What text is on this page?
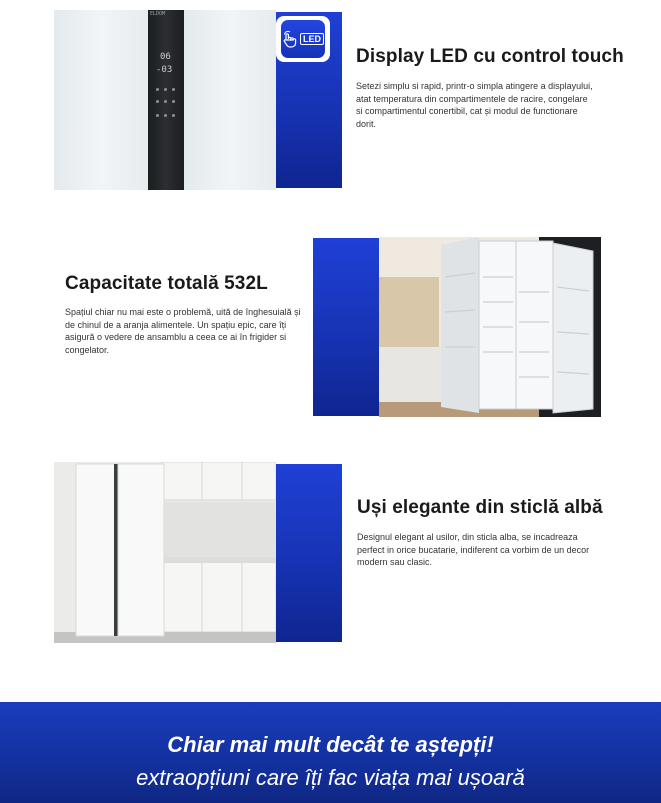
LED
ELDOM
06
-03
Display LED cu control touch

Setezi simplu si rapid, printr-o simpla atingere a displayului, atat temperatura din compartimentele de racire, congelare si compartimentul conertibil, cat și modul de functionare dorit.

Capacitate totală 532L

Spațiul chiar nu mai este o problemă, uită de înghesuială și de chinul de a aranja alimentele. Un spațiu epic, care îți asigură o vedere de ansamblu a ceea ce ai în frigider si congelator.

Uși elegante din sticlă albă

Designul elegant al usilor, din sticla alba, se incadreaza perfect in orice bucatarie, indiferent ca vorbim de un decor modern sau clasic.

Chiar mai mult decât te aștepți!
extraopțiuni care îți fac viața mai ușoară
